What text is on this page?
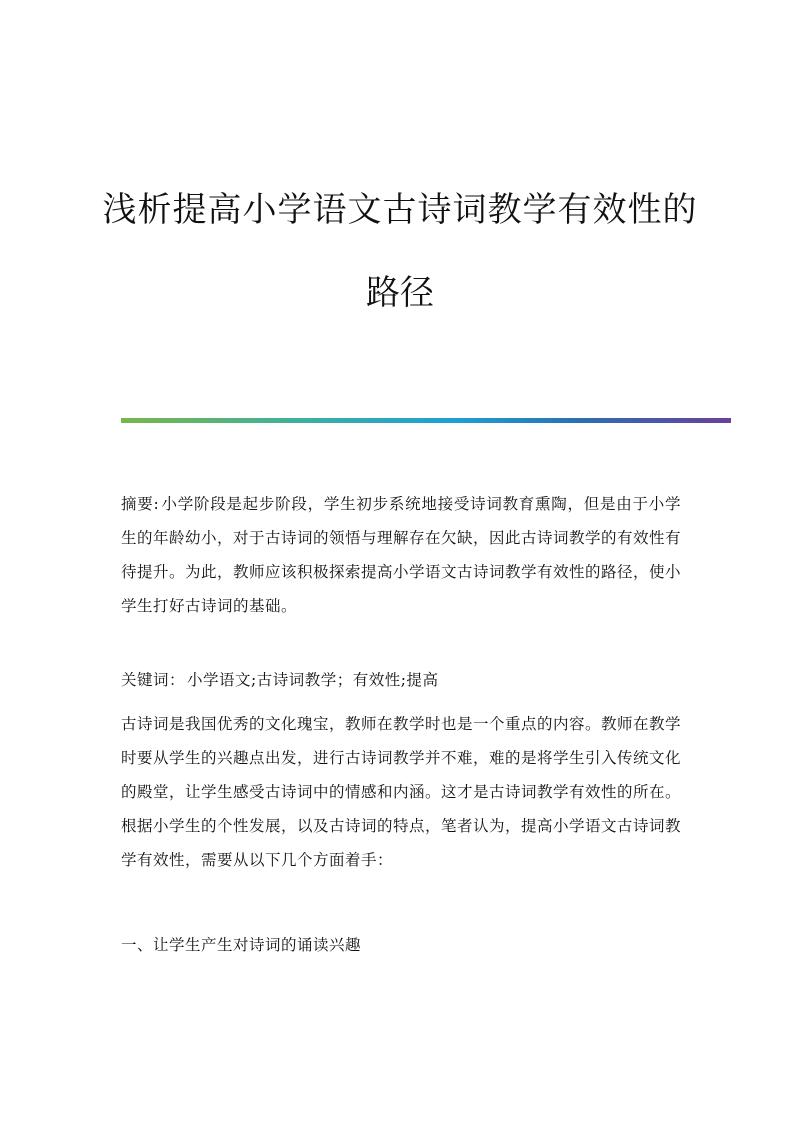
浅析提高小学语文古诗词教学有效性的
路径
摘要: 小学阶段是起步阶段，学生初步系统地接受诗词教育熏陶，但是由于小学生的年龄幼小，对于古诗词的领悟与理解存在欠缺，因此古诗词教学的有效性有待提升。为此，教师应该积极探索提高小学语文古诗词教学有效性的路径，使小学生打好古诗词的基础。
关键词： 小学语文;古诗词教学；有效性;提高
古诗词是我国优秀的文化瑰宝，教师在教学时也是一个重点的内容。教师在教学时要从学生的兴趣点出发，进行古诗词教学并不难，难的是将学生引入传统文化的殿堂，让学生感受古诗词中的情感和内涵。这才是古诗词教学有效性的所在。根据小学生的个性发展，以及古诗词的特点，笔者认为，提高小学语文古诗词教学有效性，需要从以下几个方面着手：
一、让学生产生对诗词的诵读兴趣
